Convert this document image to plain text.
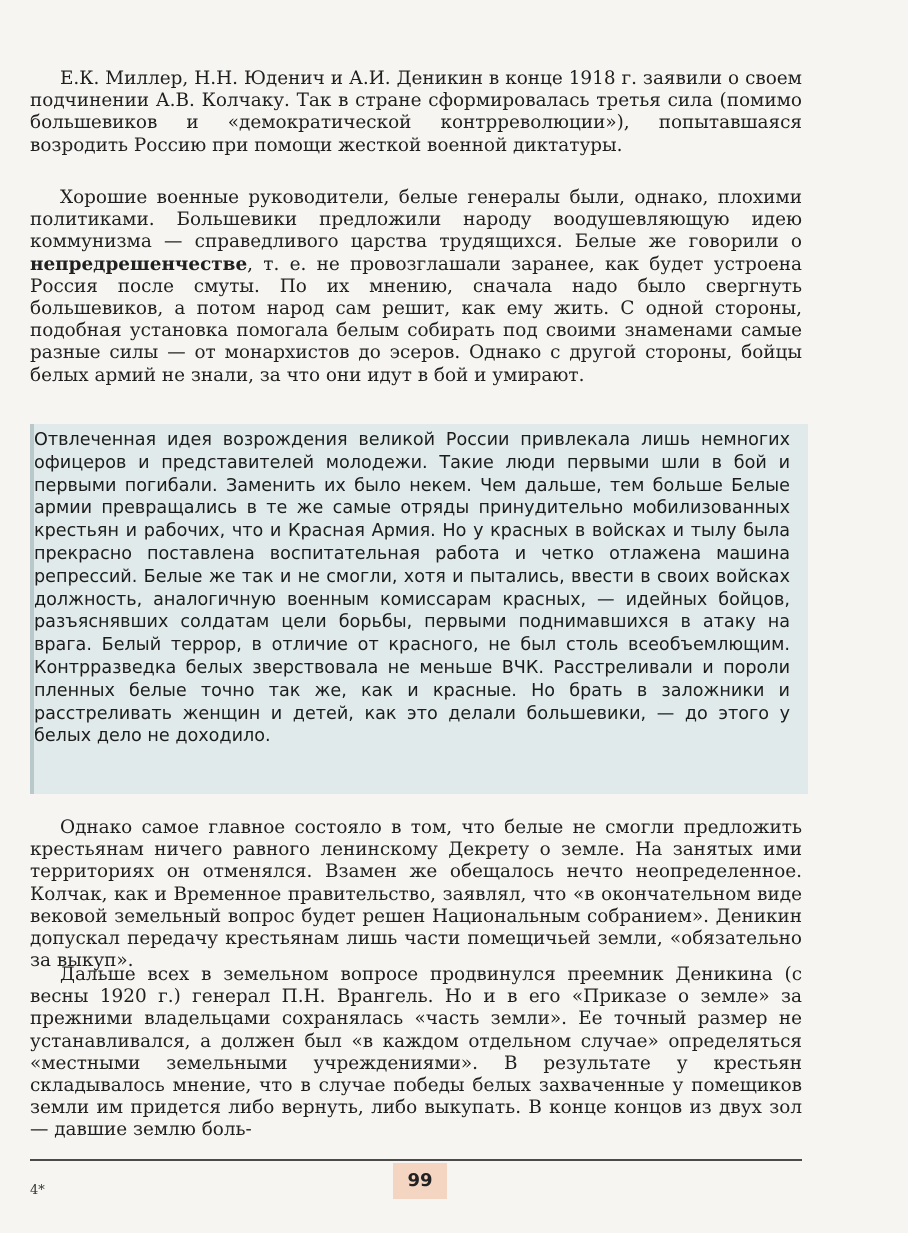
Е.К. Миллер, Н.Н. Юденич и А.И. Деникин в конце 1918 г. заявили о своем подчинении А.В. Колчаку. Так в стране сформировалась третья сила (помимо большевиков и «демократической контрреволюции»), попытавшаяся возродить Россию при помощи жесткой военной диктатуры.

Хорошие военные руководители, белые генералы были, однако, плохими политиками. Большевики предложили народу воодушевляющую идею коммунизма — справедливого царства трудящихся. Белые же говорили о непредрешенчестве, т. е. не провозглашали заранее, как будет устроена Россия после смуты. По их мнению, сначала надо было свергнуть большевиков, а потом народ сам решит, как ему жить. С одной стороны, подобная установка помогала белым собирать под своими знаменами самые разные силы — от монархистов до эсеров. Однако с другой стороны, бойцы белых армий не знали, за что они идут в бой и умирают.

Отвлеченная идея возрождения великой России привлекала лишь немногих офицеров и представителей молодежи. Такие люди первыми шли в бой и первыми погибали. Заменить их было некем. Чем дальше, тем больше Белые армии превращались в те же самые отряды принудительно мобилизованных крестьян и рабочих, что и Красная Армия. Но у красных в войсках и тылу была прекрасно поставлена воспитательная работа и четко отлажена машина репрессий. Белые же так и не смогли, хотя и пытались, ввести в своих войсках должность, аналогичную военным комиссарам красных, — идейных бойцов, разъяснявших солдатам цели борьбы, первыми поднимавшихся в атаку на врага. Белый террор, в отличие от красного, не был столь всеобъемлющим. Контрразведка белых зверствовала не меньше ВЧК. Расстреливали и пороли пленных белые точно так же, как и красные. Но брать в заложники и расстреливать женщин и детей, как это делали большевики, — до этого у белых дело не доходило.

Однако самое главное состояло в том, что белые не смогли предложить крестьянам ничего равного ленинскому Декрету о земле. На занятых ими территориях он отменялся. Взамен же обещалось нечто неопределенное. Колчак, как и Временное правительство, заявлял, что «в окончательном виде вековой земельный вопрос будет решен Национальным собранием». Деникин допускал передачу крестьянам лишь части помещичьей земли, «обязательно за выкуп».

Дальше всех в земельном вопросе продвинулся преемник Деникина (с весны 1920 г.) генерал П.Н. Врангель. Но и в его «Приказе о земле» за прежними владельцами сохранялась «часть земли». Ее точный размер не устанавливался, а должен был «в каждом отдельном случае» определяться «местными земельными учреждениями». В результате у крестьян складывалось мнение, что в случае победы белых захваченные у помещиков земли им придется либо вернуть, либо выкупать. В конце концов из двух зол — давшие землю боль-

99
4*
